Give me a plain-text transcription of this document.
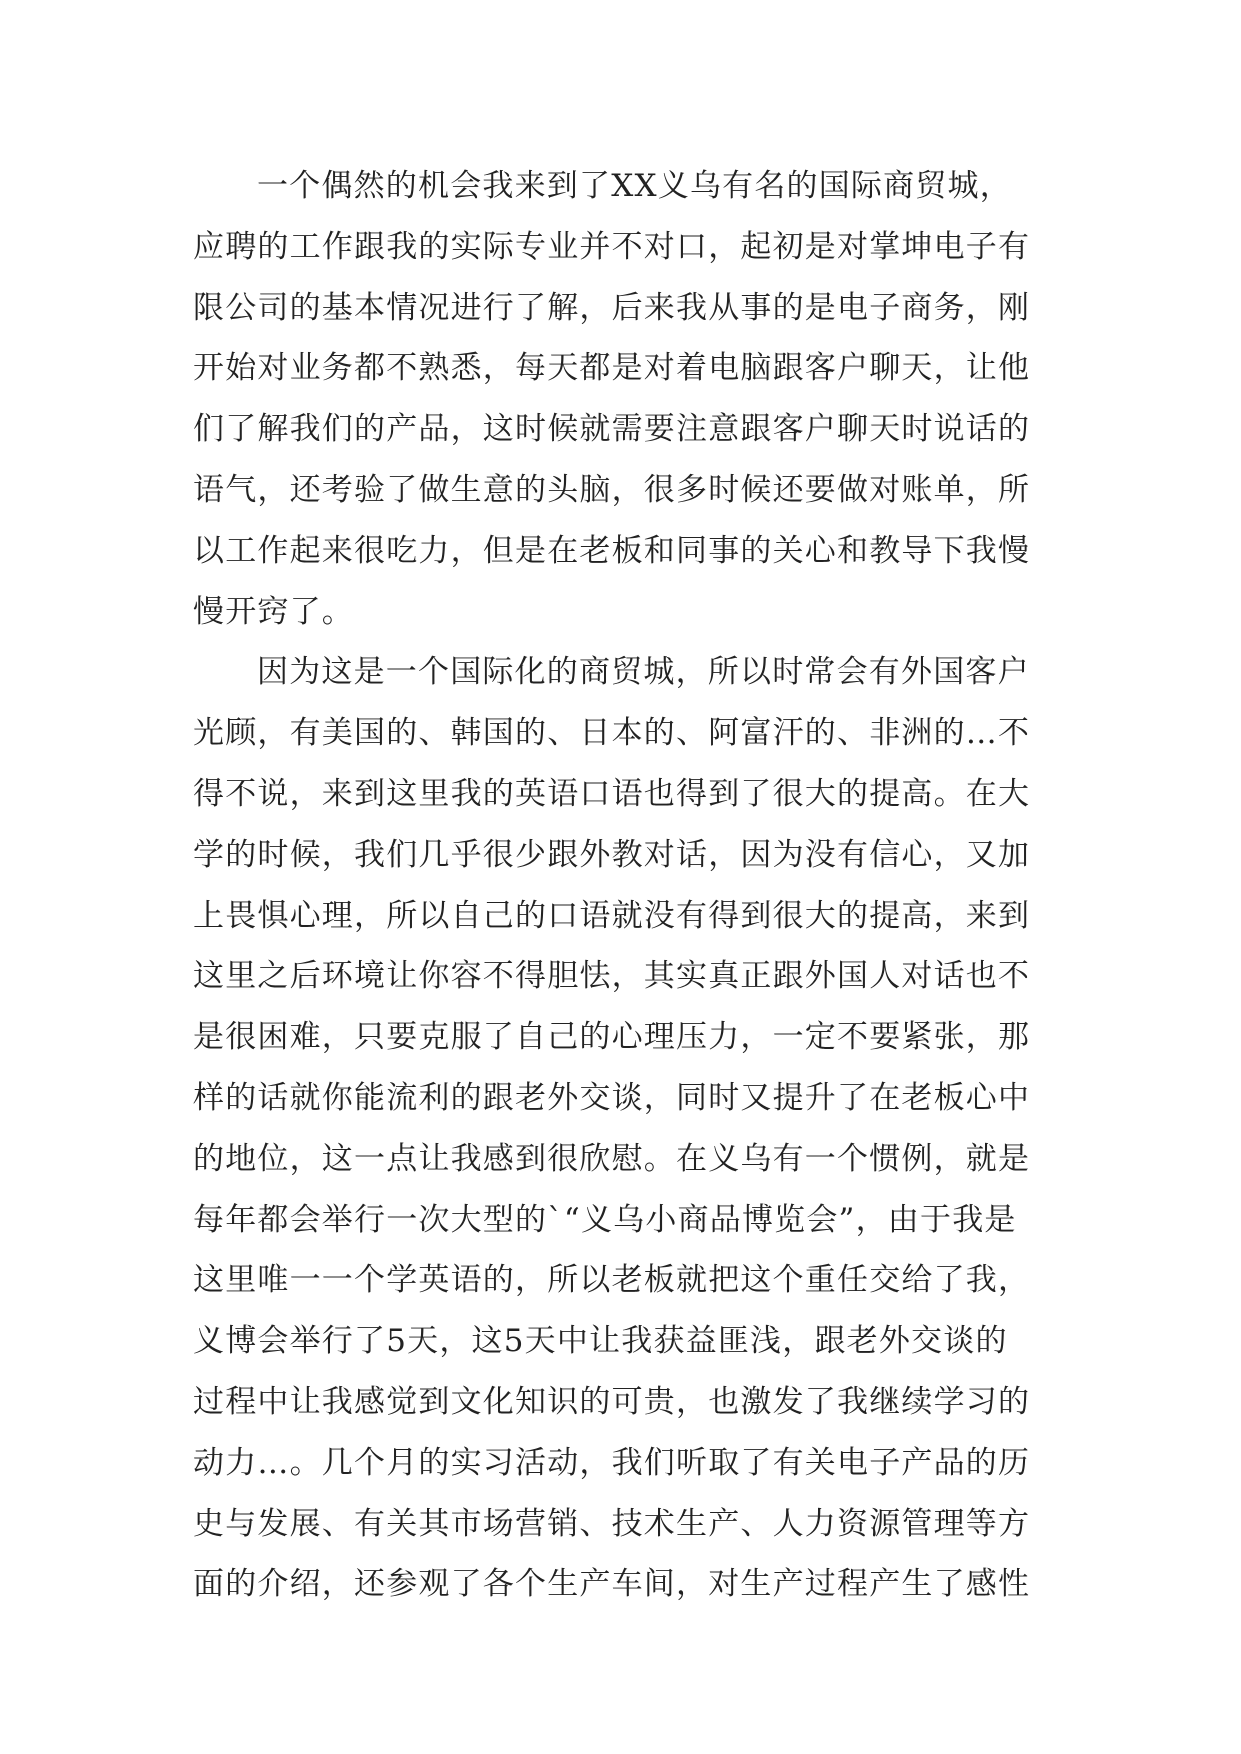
一个偶然的机会我来到了XX义乌有名的国际商贸城，
应聘的工作跟我的实际专业并不对口，起初是对掌坤电子有
限公司的基本情况进行了解，后来我从事的是电子商务，刚
开始对业务都不熟悉，每天都是对着电脑跟客户聊天，让他
们了解我们的产品，这时候就需要注意跟客户聊天时说话的
语气，还考验了做生意的头脑，很多时候还要做对账单，所
以工作起来很吃力，但是在老板和同事的关心和教导下我慢
慢开窍了。
因为这是一个国际化的商贸城，所以时常会有外国客户
光顾，有美国的、韩国的、日本的、阿富汗的、非洲的…不
得不说，来到这里我的英语口语也得到了很大的提高。在大
学的时候，我们几乎很少跟外教对话，因为没有信心，又加
上畏惧心理，所以自己的口语就没有得到很大的提高，来到
这里之后环境让你容不得胆怯，其实真正跟外国人对话也不
是很困难，只要克服了自己的心理压力，一定不要紧张，那
样的话就你能流利的跟老外交谈，同时又提升了在老板心中
的地位，这一点让我感到很欣慰。在义乌有一个惯例，就是
每年都会举行一次大型的`“义乌小商品博览会”，由于我是
这里唯一一个学英语的，所以老板就把这个重任交给了我，
义博会举行了5天，这5天中让我获益匪浅，跟老外交谈的
过程中让我感觉到文化知识的可贵，也激发了我继续学习的
动力…。几个月的实习活动，我们听取了有关电子产品的历
史与发展、有关其市场营销、技术生产、人力资源管理等方
面的介绍，还参观了各个生产车间，对生产过程产生了感性
